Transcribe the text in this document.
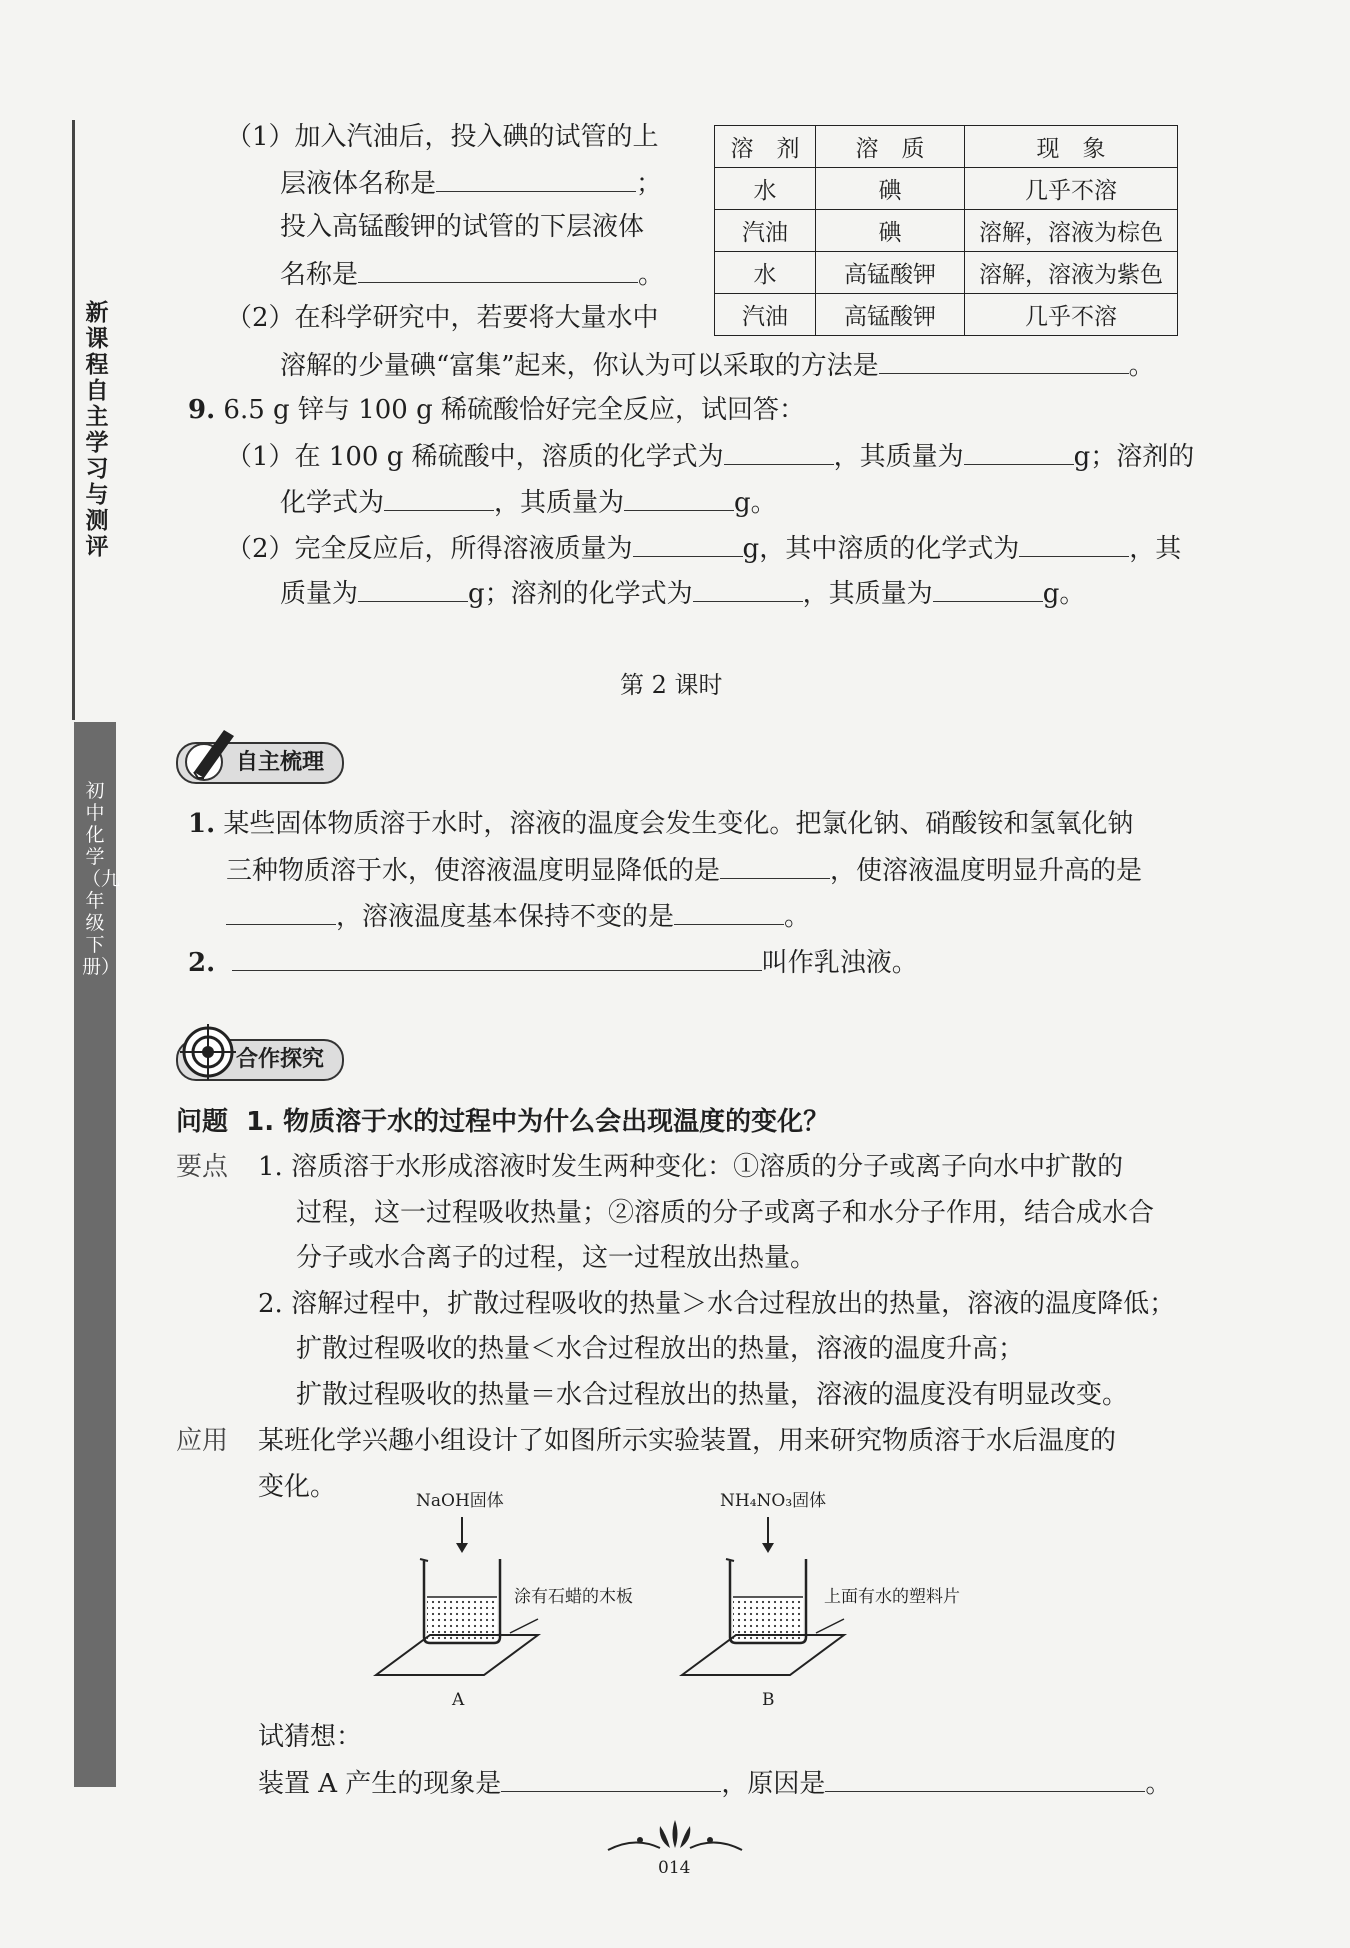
新课程自主学习与测评
初中化学（九年级下册）
（1）加入汽油后，投入碘的试管的上
层液体名称是	；
投入高锰酸钾的试管的下层液体
名称是	。
（2）在科学研究中，若要将大量水中
溶解的少量碘“富集”起来，你认为可以采取的方法是	。
溶　剂	溶　质	现　象
水	碘	几乎不溶
汽油	碘	溶解，溶液为棕色
水	高锰酸钾	溶解，溶液为紫色
汽油	高锰酸钾	几乎不溶
9. 6.5 g 锌与 100 g 稀硫酸恰好完全反应，试回答：
（1）在 100 g 稀硫酸中，溶质的化学式为	，其质量为	g；溶剂的
化学式为	，其质量为	g。
（2）完全反应后，所得溶液质量为	g，其中溶质的化学式为	，其
质量为	g；溶剂的化学式为	，其质量为	g。
第 2 课时
自主梳理
1. 某些固体物质溶于水时，溶液的温度会发生变化。把氯化钠、硝酸铵和氢氧化钠
三种物质溶于水，使溶液温度明显降低的是	，使溶液温度明显升高的是
，溶液温度基本保持不变的是	。
2.	叫作乳浊液。
合作探究
问题 1. 物质溶于水的过程中为什么会出现温度的变化？
要点 1. 溶质溶于水形成溶液时发生两种变化：①溶质的分子或离子向水中扩散的
过程，这一过程吸收热量；②溶质的分子或离子和水分子作用，结合成水合
分子或水合离子的过程，这一过程放出热量。
2. 溶解过程中，扩散过程吸收的热量＞水合过程放出的热量，溶液的温度降低；
扩散过程吸收的热量＜水合过程放出的热量，溶液的温度升高；
扩散过程吸收的热量＝水合过程放出的热量，溶液的温度没有明显改变。
应用 某班化学兴趣小组设计了如图所示实验装置，用来研究物质溶于水后温度的
变化。	NaOH固体
涂有石蜡的木板
A
NH₄NO₃固体
上面有水的塑料片
B
试猜想：
装置 A 产生的现象是	，原因是	。
014
